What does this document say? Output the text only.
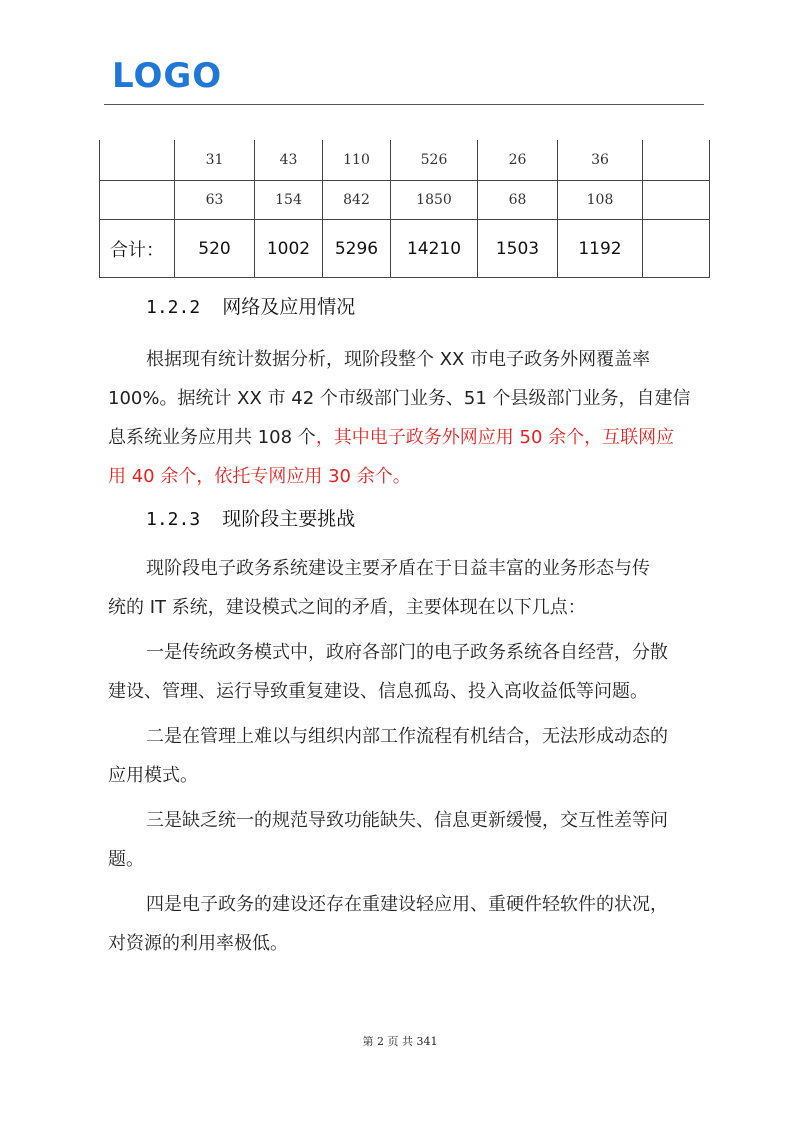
LOGO
	31	43	110	526	26	36	
	63	154	842	1850	68	108	
合计：	520	1002	5296	14210	1503	1192	
1.2.2 网络及应用情况
根据现有统计数据分析，现阶段整个 XX 市电子政务外网覆盖率
100%。据统计 XX 市 42 个市级部门业务、51 个县级部门业务，自建信
息系统业务应用共 108 个，其中电子政务外网应用 50 余个，互联网应
用 40 余个，依托专网应用 30 余个。
1.2.3 现阶段主要挑战
现阶段电子政务系统建设主要矛盾在于日益丰富的业务形态与传
统的 IT 系统，建设模式之间的矛盾，主要体现在以下几点：
一是传统政务模式中，政府各部门的电子政务系统各自经营，分散
建设、管理、运行导致重复建设、信息孤岛、投入高收益低等问题。
二是在管理上难以与组织内部工作流程有机结合，无法形成动态的
应用模式。
三是缺乏统一的规范导致功能缺失、信息更新缓慢，交互性差等问
题。
四是电子政务的建设还存在重建设轻应用、重硬件轻软件的状况，
对资源的利用率极低。
第 2 页 共 341
